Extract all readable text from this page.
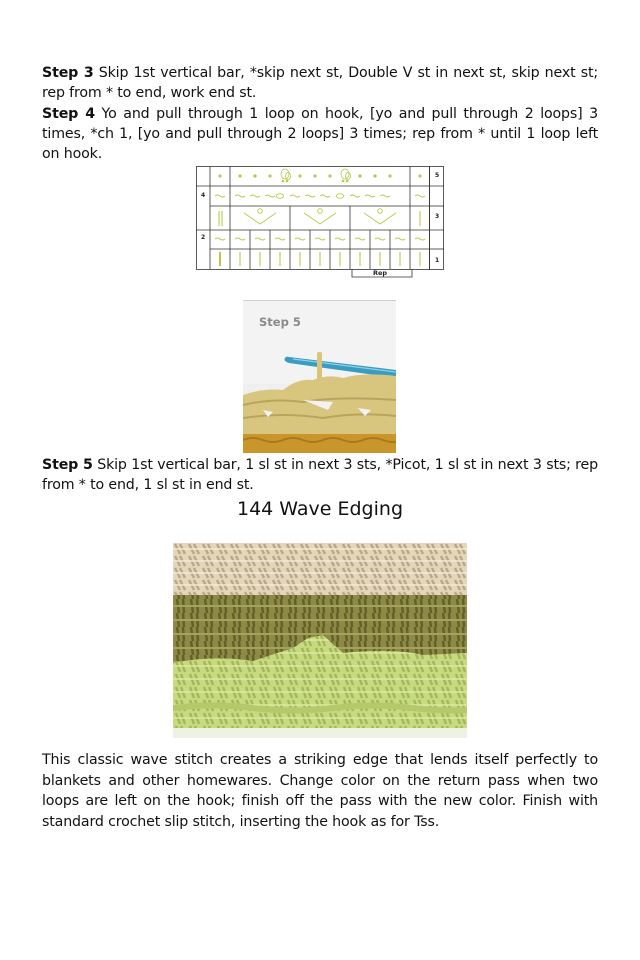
Step 3 Skip 1st vertical bar, *skip next st, Double V st in next st, skip next st; rep from * to end, work end st.
Step 4 Yo and pull through 1 loop on hook, [yo and pull through 2 loops] 3 times, *ch 1, [yo and pull through 2 loops] 3 times; rep from * until 1 loop left on hook.
4
2
5
3
1
Rep
Step 5
Step 5 Skip 1st vertical bar, 1 sl st in next 3 sts, *Picot, 1 sl st in next 3 sts; rep from * to end, 1 sl st in end st.
144 Wave Edging
This classic wave stitch creates a striking edge that lends itself perfectly to blankets and other homewares. Change color on the return pass when two loops are left on the hook; finish off the pass with the new color. Finish with standard crochet slip stitch, inserting the hook as for Tss.
